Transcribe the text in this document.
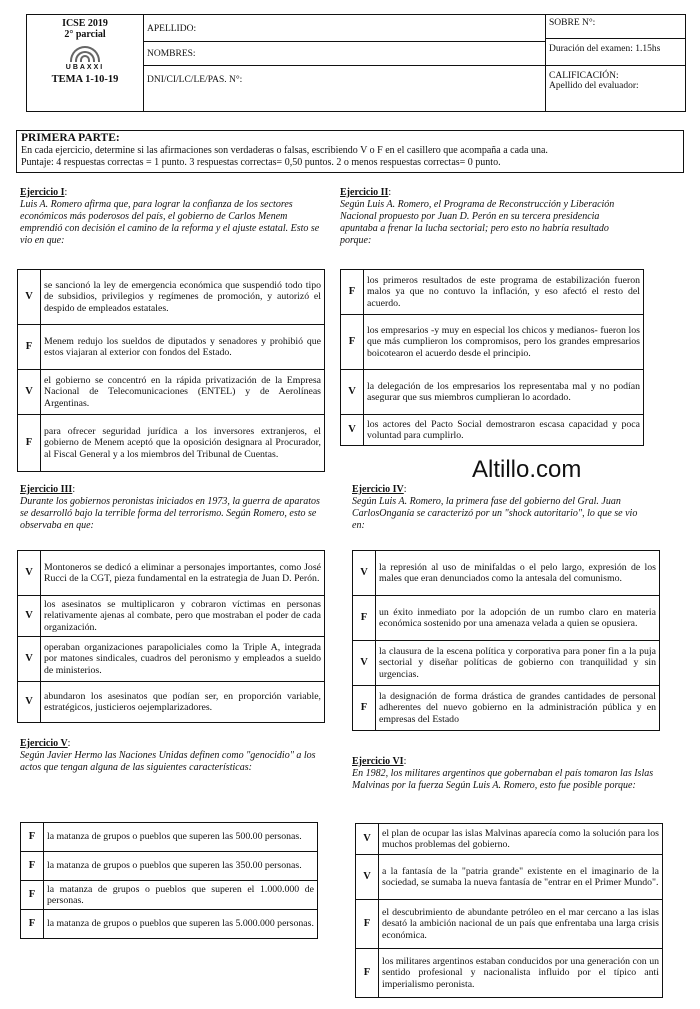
ICSE 2019
2° parcial
UBAXXI
TEMA 1-10-19
APELLIDO:
NOMBRES:
DNI/CI/LC/LE/PAS. N°:
SOBRE N°:
Duración del examen: 1.15hs
CALIFICACIÓN:
Apellido del evaluador:
PRIMERA PARTE:
En cada ejercicio, determine si las afirmaciones son verdaderas o falsas, escribiendo V o F en el casillero que acompaña a cada una.
Puntaje: 4 respuestas correctas = 1 punto. 3 respuestas correctas= 0,50 puntos. 2 o menos respuestas correctas= 0 punto.
Ejercicio I:
Luis A. Romero afirma que, para lograr la confianza de los sectores económicos más poderosos del país, el gobierno de Carlos Menem emprendió con decisión el camino de la reforma y el ajuste estatal. Esto se vio en que:
V	se sancionó la ley de emergencia económica que suspendió todo tipo de subsidios, privilegios y regímenes de promoción, y autorizó el despido de empleados estatales.
F	Menem redujo los sueldos de diputados y senadores y prohibió que estos viajaran al exterior con fondos del Estado.
V	el gobierno se concentró en la rápida privatización de la Empresa Nacional de Telecomunicaciones (ENTEL) y de Aerolíneas Argentinas.
F	para ofrecer seguridad jurídica a los inversores extranjeros, el gobierno de Menem aceptó que la oposición designara al Procurador, al Fiscal General y a los miembros del Tribunal de Cuentas.
Ejercicio II:
Según Luis A. Romero, el Programa de Reconstrucción y Liberación Nacional propuesto por Juan D. Perón en su tercera presidencia apuntaba a frenar la lucha sectorial; pero esto no habría resultado porque:
F	los primeros resultados de este programa de estabilización fueron malos ya que no contuvo la inflación, y eso afectó el resto del acuerdo.
F	los empresarios -y muy en especial los chicos y medianos- fueron los que más cumplieron los compromisos, pero los grandes empresarios boicotearon el acuerdo desde el principio.
V	la delegación de los empresarios los representaba mal y no podían asegurar que sus miembros cumplieran lo acordado.
V	los actores del Pacto Social demostraron escasa capacidad y poca voluntad para cumplirlo.
Altillo.com
Ejercicio III:
Durante los gobiernos peronistas iniciados en 1973, la guerra de aparatos se desarrolló bajo la terrible forma del terrorismo. Según Romero, esto se observaba en que:
V	Montoneros se dedicó a eliminar a personajes importantes, como José Rucci de la CGT, pieza fundamental en la estrategia de Juan D. Perón.
V	los asesinatos se multiplicaron y cobraron víctimas en personas relativamente ajenas al combate, pero que mostraban el poder de cada organización.
V	operaban organizaciones parapoliciales como la Triple A, integrada por matones sindicales, cuadros del peronismo y empleados a sueldo de ministerios.
V	abundaron los asesinatos que podían ser, en proporción variable, estratégicos, justicieros oejemplarizadores.
Ejercicio IV:
Según Luis A. Romero, la primera fase del gobierno del Gral. Juan CarlosOnganía se caracterizó por un "shock autoritario", lo que se vio en:
V	la represión al uso de minifaldas o el pelo largo, expresión de los males que eran denunciados como la antesala del comunismo.
F	un éxito inmediato por la adopción de un rumbo claro en materia económica sostenido por una amenaza velada a quien se opusiera.
V	la clausura de la escena política y corporativa para poner fin a la puja sectorial y diseñar políticas de gobierno con tranquilidad y sin urgencias.
F	la designación de forma drástica de grandes cantidades de personal adherentes del nuevo gobierno en la administración pública y en empresas del Estado
Ejercicio V:
Según Javier Hermo las Naciones Unidas definen como "genocidio" a los actos que tengan alguna de las siguientes características:
F	la matanza de grupos o pueblos que superen las 500.00 personas.
F	la matanza de grupos o pueblos que superen las 350.00 personas.
F	la matanza de grupos o pueblos que superen el 1.000.000 de personas.
F	la matanza de grupos o pueblos que superen las 5.000.000 personas.
Ejercicio VI:
En 1982, los militares argentinos que gobernaban el país tomaron las Islas Malvinas por la fuerza Según Luis A. Romero, esto fue posible porque:
V	el plan de ocupar las islas Malvinas aparecía como la solución para los muchos problemas del gobierno.
V	a la fantasía de la "patria grande" existente en el imaginario de la sociedad, se sumaba la nueva fantasía de "entrar en el Primer Mundo".
F	el descubrimiento de abundante petróleo en el mar cercano a las islas desató la ambición nacional de un país que enfrentaba una larga crisis económica.
F	los militares argentinos estaban conducidos por una generación con un sentido profesional y nacionalista influido por el típico anti imperialismo peronista.
